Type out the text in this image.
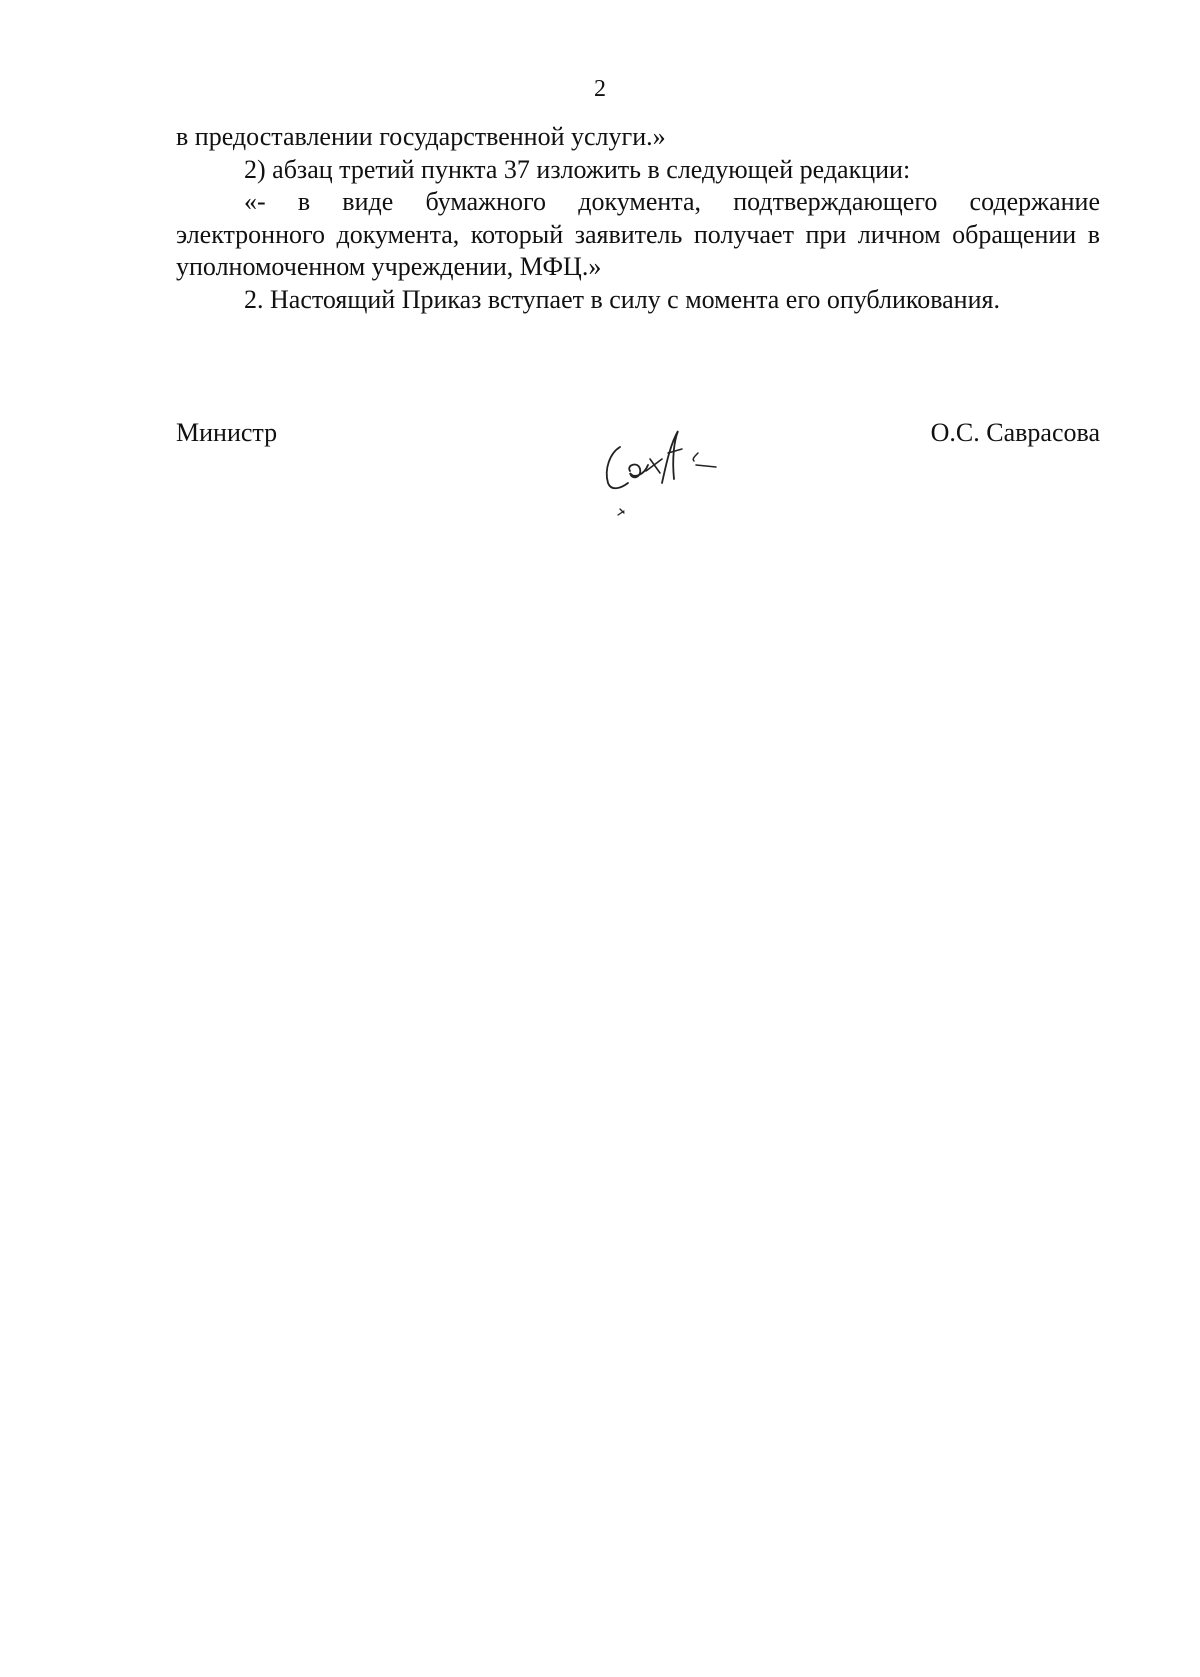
2

в предоставлении государственной услуги.»

2) абзац третий пункта 37 изложить в следующей редакции:

«- в виде бумажного документа, подтверждающего содержание электронного документа, который заявитель получает при личном обращении в уполномоченном учреждении, МФЦ.»

2. Настоящий Приказ вступает в силу с момента его опубликования.

Министр	О.С. Саврасова
